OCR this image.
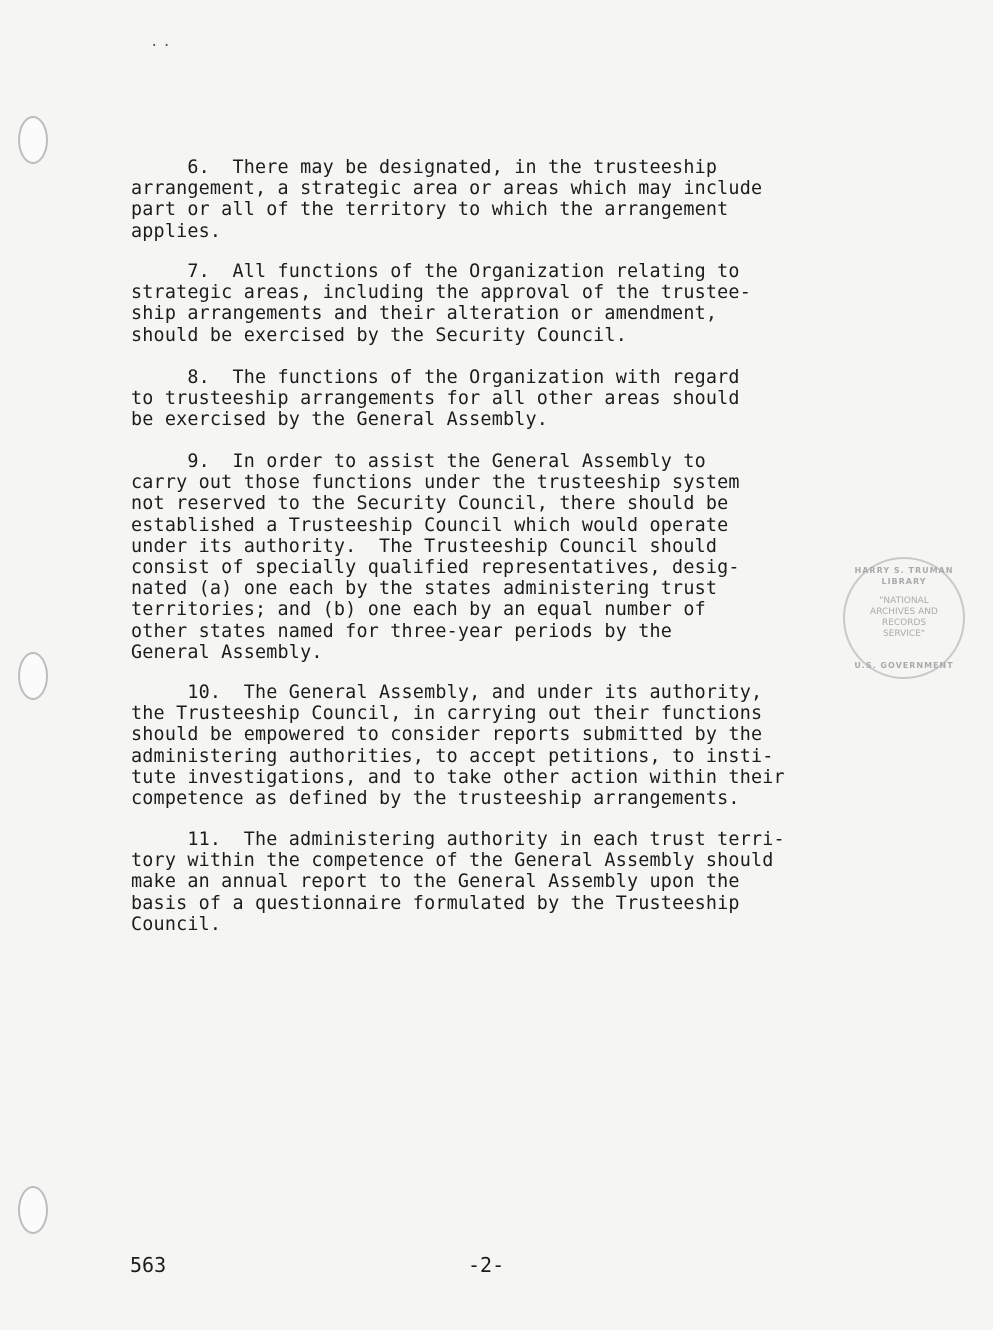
..

6.  There may be designated, in the trusteeship
arrangement, a strategic area or areas which may include
part or all of the territory to which the arrangement
applies.

7.  All functions of the Organization relating to
strategic areas, including the approval of the trustee-
ship arrangements and their alteration or amendment,
should be exercised by the Security Council.

8.  The functions of the Organization with regard
to trusteeship arrangements for all other areas should
be exercised by the General Assembly.

9.  In order to assist the General Assembly to
carry out those functions under the trusteeship system
not reserved to the Security Council, there should be
established a Trusteeship Council which would operate
under its authority.  The Trusteeship Council should
consist of specially qualified representatives, desig-
nated (a) one each by the states administering trust
territories; and (b) one each by an equal number of
other states named for three-year periods by the
General Assembly.

10.  The General Assembly, and under its authority,
the Trusteeship Council, in carrying out their functions
should be empowered to consider reports submitted by the
administering authorities, to accept petitions, to insti-
tute investigations, and to take other action within their
competence as defined by the trusteeship arrangements.

11.  The administering authority in each trust terri-
tory within the competence of the General Assembly should
make an annual report to the General Assembly upon the
basis of a questionnaire formulated by the Trusteeship
Council.

HARRY S. TRUMAN LIBRARY
"NATIONAL
ARCHIVES AND
RECORDS
SERVICE"
U.S. GOVERNMENT
563	-2-
